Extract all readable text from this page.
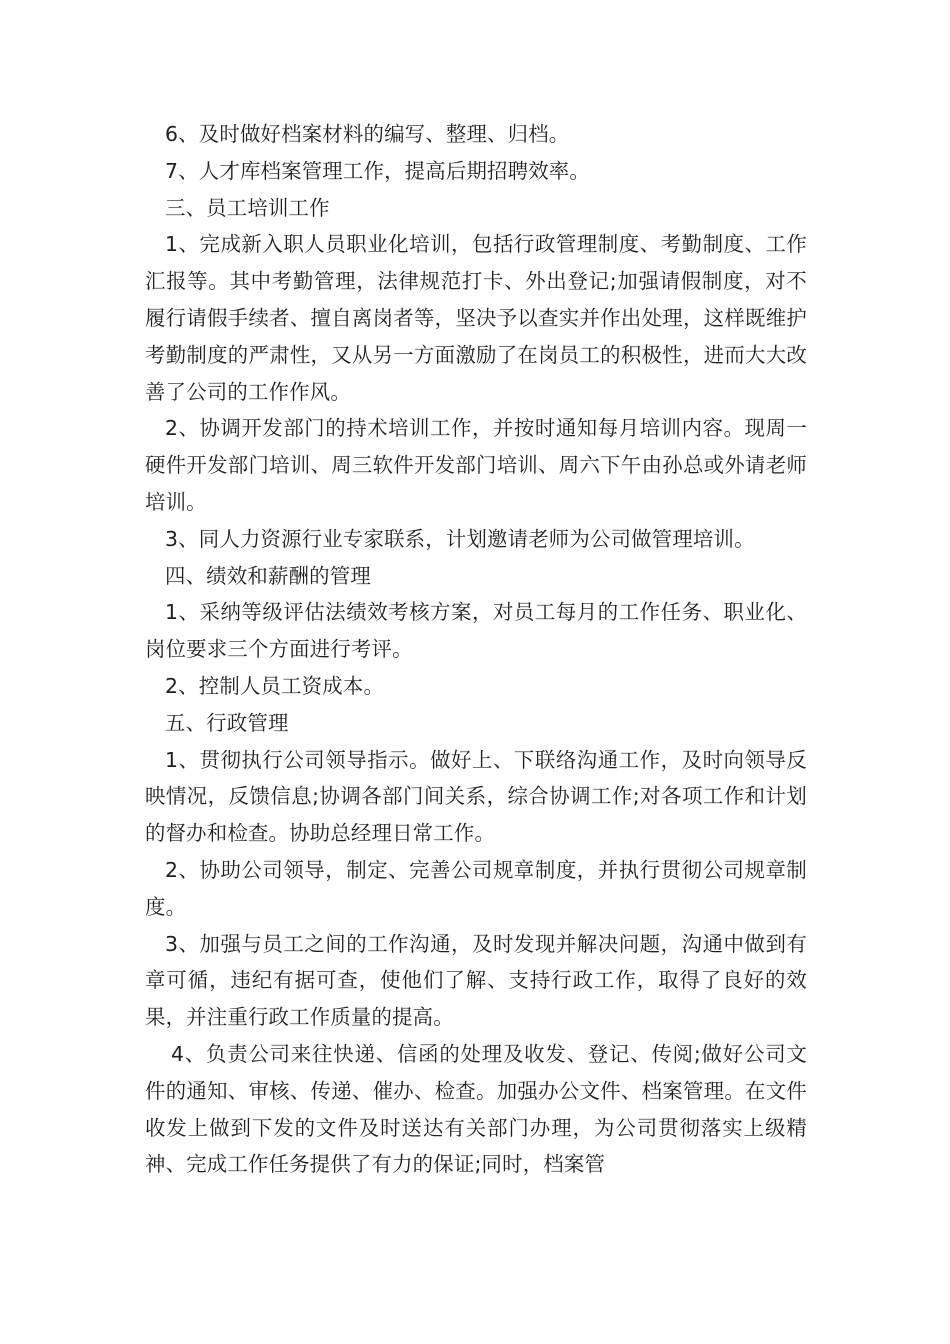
6、及时做好档案材料的编写、整理、归档。

7、人才库档案管理工作，提高后期招聘效率。

三、员工培训工作

1、完成新入职人员职业化培训，包括行政管理制度、考勤制度、工作汇报等。其中考勤管理，法律规范打卡、外出登记;加强请假制度，对不履行请假手续者、擅自离岗者等，坚决予以查实并作出处理，这样既维护考勤制度的严肃性，又从另一方面激励了在岗员工的积极性，进而大大改善了公司的工作作风。

2、协调开发部门的持术培训工作，并按时通知每月培训内容。现周一硬件开发部门培训、周三软件开发部门培训、周六下午由孙总或外请老师培训。

3、同人力资源行业专家联系，计划邀请老师为公司做管理培训。

四、绩效和薪酬的管理

1、采纳等级评估法绩效考核方案，对员工每月的工作任务、职业化、岗位要求三个方面进行考评。

2、控制人员工资成本。

五、行政管理

1、贯彻执行公司领导指示。做好上、下联络沟通工作，及时向领导反映情况，反馈信息;协调各部门间关系，综合协调工作;对各项工作和计划的督办和检查。协助总经理日常工作。

2、协助公司领导，制定、完善公司规章制度，并执行贯彻公司规章制度。

3、加强与员工之间的工作沟通，及时发现并解决问题，沟通中做到有章可循，违纪有据可查，使他们了解、支持行政工作，取得了良好的效果，并注重行政工作质量的提高。

4、负责公司来往快递、信函的处理及收发、登记、传阅;做好公司文件的通知、审核、传递、催办、检查。加强办公文件、档案管理。在文件收发上做到下发的文件及时送达有关部门办理，为公司贯彻落实上级精神、完成工作任务提供了有力的保证;同时，档案管
